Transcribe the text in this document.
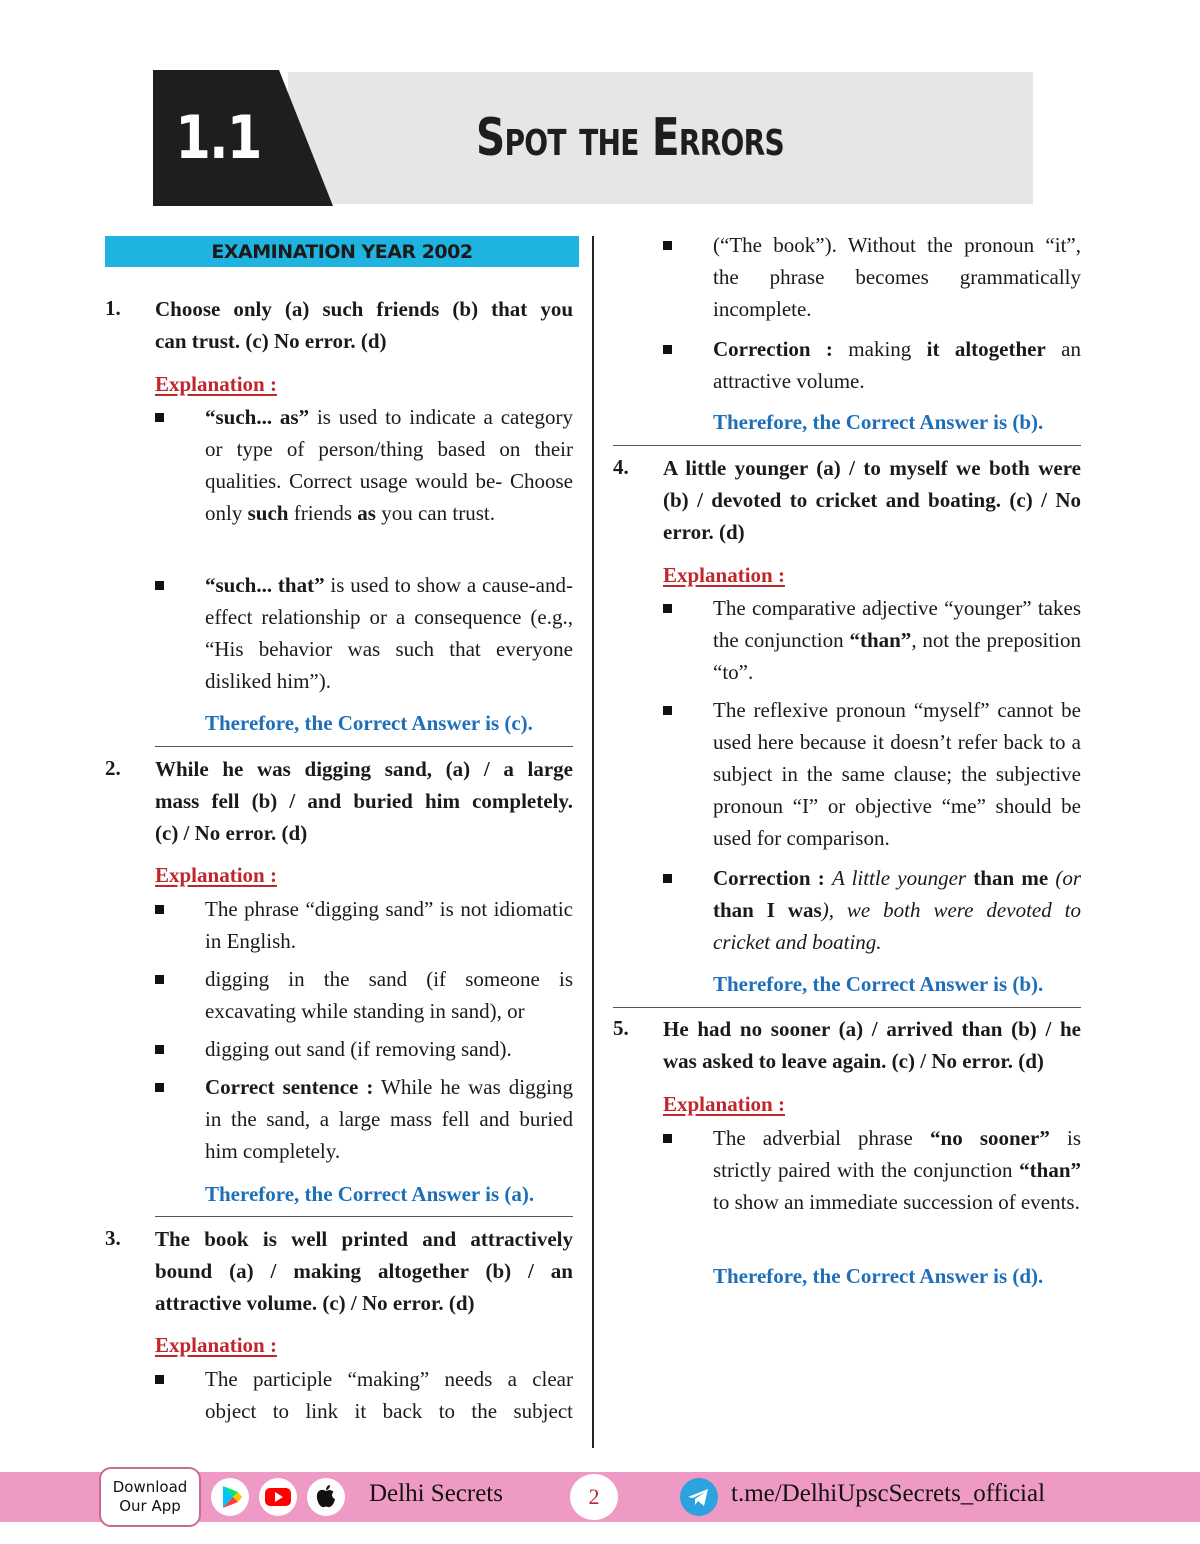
1.1	Spot the Errors
EXAMINATION YEAR 2002
1. Choose only (a) such friends (b) that you
can trust. (c) No error. (d)
Explanation :
“such... as” is used to indicate a category or type of person/thing based on their qualities. Correct usage would be- Choose only such friends as you can trust.
“such... that” is used to show a cause-and-effect relationship or a consequence (e.g., “His behavior was such that everyone disliked him”).
Therefore, the Correct Answer is (c).
2. While he was digging sand, (a) / a large
mass fell (b) / and buried him completely.
(c) / No error. (d)
Explanation :
The phrase “digging sand” is not idiomatic in English.
digging in the sand (if someone is excavating while standing in sand), or
digging out sand (if removing sand).
Correct sentence : While he was digging in the sand, a large mass fell and buried him completely.
Therefore, the Correct Answer is (a).
3. The book is well printed and attractively
bound (a) / making altogether (b) / an
attractive volume. (c) / No error. (d)
Explanation :
The participle “making” needs a clear object to link it back to the subject
(“The book”). Without the pronoun “it”, the phrase becomes grammatically incomplete.
Correction : making it altogether an attractive volume.
Therefore, the Correct Answer is (b).
4. A little younger (a) / to myself we both were
(b) / devoted to cricket and boating. (c) / No
error. (d)
Explanation :
The comparative adjective “younger” takes the conjunction “than”, not the preposition “to”.
The reflexive pronoun “myself” cannot be used here because it doesn’t refer back to a subject in the same clause; the subjective pronoun “I” or objective “me” should be used for comparison.
Correction : A little younger than me (or than I was), we both were devoted to cricket and boating.
Therefore, the Correct Answer is (b).
5. He had no sooner (a) / arrived than (b) / he
was asked to leave again. (c) / No error. (d)
Explanation :
The adverbial phrase “no sooner” is strictly paired with the conjunction “than” to show an immediate succession of events.
Therefore, the Correct Answer is (d).
Download
Our App	Delhi Secrets	2	t.me/DelhiUpscSecrets_official
